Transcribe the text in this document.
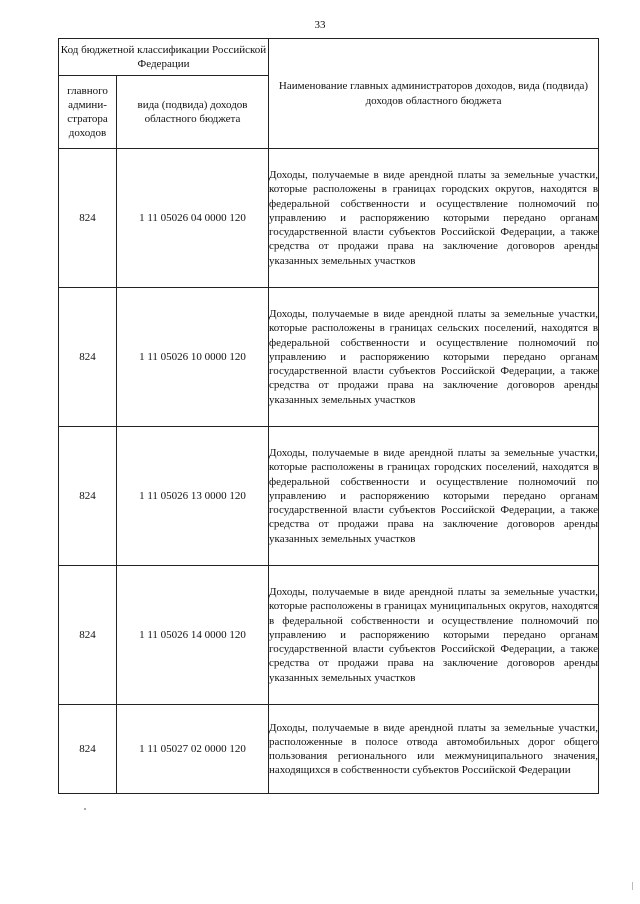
33
Код бюджетной классификации Российской Федерации		Наименование главных администраторов доходов, вида (подвида) доходов областного бюджета
главного админи-стратора доходов	вида (подвида) доходов областного бюджета	
824	1 11 05026 04 0000 120	Доходы, получаемые в виде арендной платы за земельные участки, которые расположены в границах городских округов, находятся в федеральной собственности и осуществление полномочий по управлению и распоряжению которыми передано органам государственной власти субъектов Российской Федерации, а также средства от продажи права на заключение договоров аренды указанных земельных участков
824	1 11 05026 10 0000 120	Доходы, получаемые в виде арендной платы за земельные участки, которые расположены в границах сельских поселений, находятся в федеральной собственности и осуществление полномочий по управлению и распоряжению которыми передано органам государственной власти субъектов Российской Федерации, а также средства от продажи права на заключение договоров аренды указанных земельных участков
824	1 11 05026 13 0000 120	Доходы, получаемые в виде арендной платы за земельные участки, которые расположены в границах городских поселений, находятся в федеральной собственности и осуществление полномочий по управлению и распоряжению которыми передано органам государственной власти субъектов Российской Федерации, а также средства от продажи права на заключение договоров аренды указанных земельных участков
824	1 11 05026 14 0000 120	Доходы, получаемые в виде арендной платы за земельные участки, которые расположены в границах муниципальных округов, находятся в федеральной собственности и осуществление полномочий по управлению и распоряжению которыми передано органам государственной власти субъектов Российской Федерации, а также средства от продажи права на заключение договоров аренды указанных земельных участков
824	1 11 05027 02 0000 120	Доходы, получаемые в виде арендной платы за земельные участки, расположенные в полосе отвода автомобильных дорог общего пользования регионального или межмуниципального значения, находящихся в собственности субъектов Российской Федерации
